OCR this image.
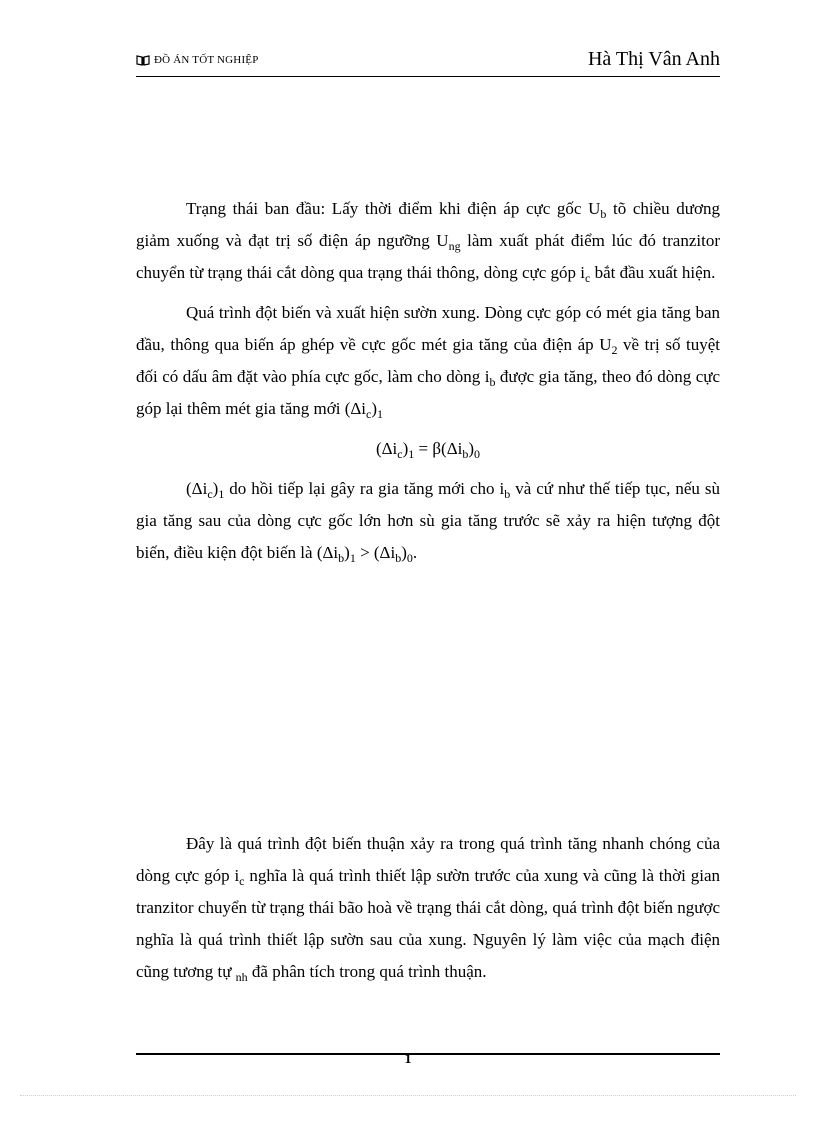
ĐỒ ÁN TỐT NGHIỆP	Hà Thị Vân Anh

Trạng thái ban đầu: Lấy thời điểm khi điện áp cực gốc $U_b$ tõ chiều dương giảm xuống và đạt trị số điện áp ngưỡng $U_{ng}$ làm xuất phát điểm lúc đó tranzitor chuyển từ trạng thái cắt dòng qua trạng thái thông, dòng cực góp $i_c$ bắt đầu xuất hiện.

Quá trình đột biến và xuất hiện sườn xung. Dòng cực góp có mét gia tăng ban đầu, thông qua biến áp ghép về cực gốc mét gia tăng của điện áp $U_2$ về trị số tuyệt đối có dấu âm đặt vào phía cực gốc, làm cho dòng $i_b$ được gia tăng, theo đó dòng cực góp lại thêm mét gia tăng mới $(\Delta i_c)_1$

$(\Delta i_c)_1 = \beta(\Delta i_b)_0$

$(\Delta i_c)_1$ do hồi tiếp lại gây ra gia tăng mới cho $i_b$ và cứ như thế tiếp tục, nếu sù gia tăng sau của dòng cực gốc lớn hơn sù gia tăng trước sẽ xảy ra hiện tượng đột biến, điều kiện đột biến là $(\Delta i_b)_1 > (\Delta i_b)_0$.

Đây là quá trình đột biến thuận xảy ra trong quá trình tăng nhanh chóng của dòng cực góp $i_c$ nghĩa là quá trình thiết lập sườn trước của xung và cũng là thời gian tranzitor chuyển từ trạng thái bão hoà về trạng thái cắt dòng, quá trình đột biến ngược nghĩa là quá trình thiết lập sườn sau của xung. Nguyên lý làm việc của mạch điện cũng tương tự $_{nh}$ đã phân tích trong quá trình thuận.

1
